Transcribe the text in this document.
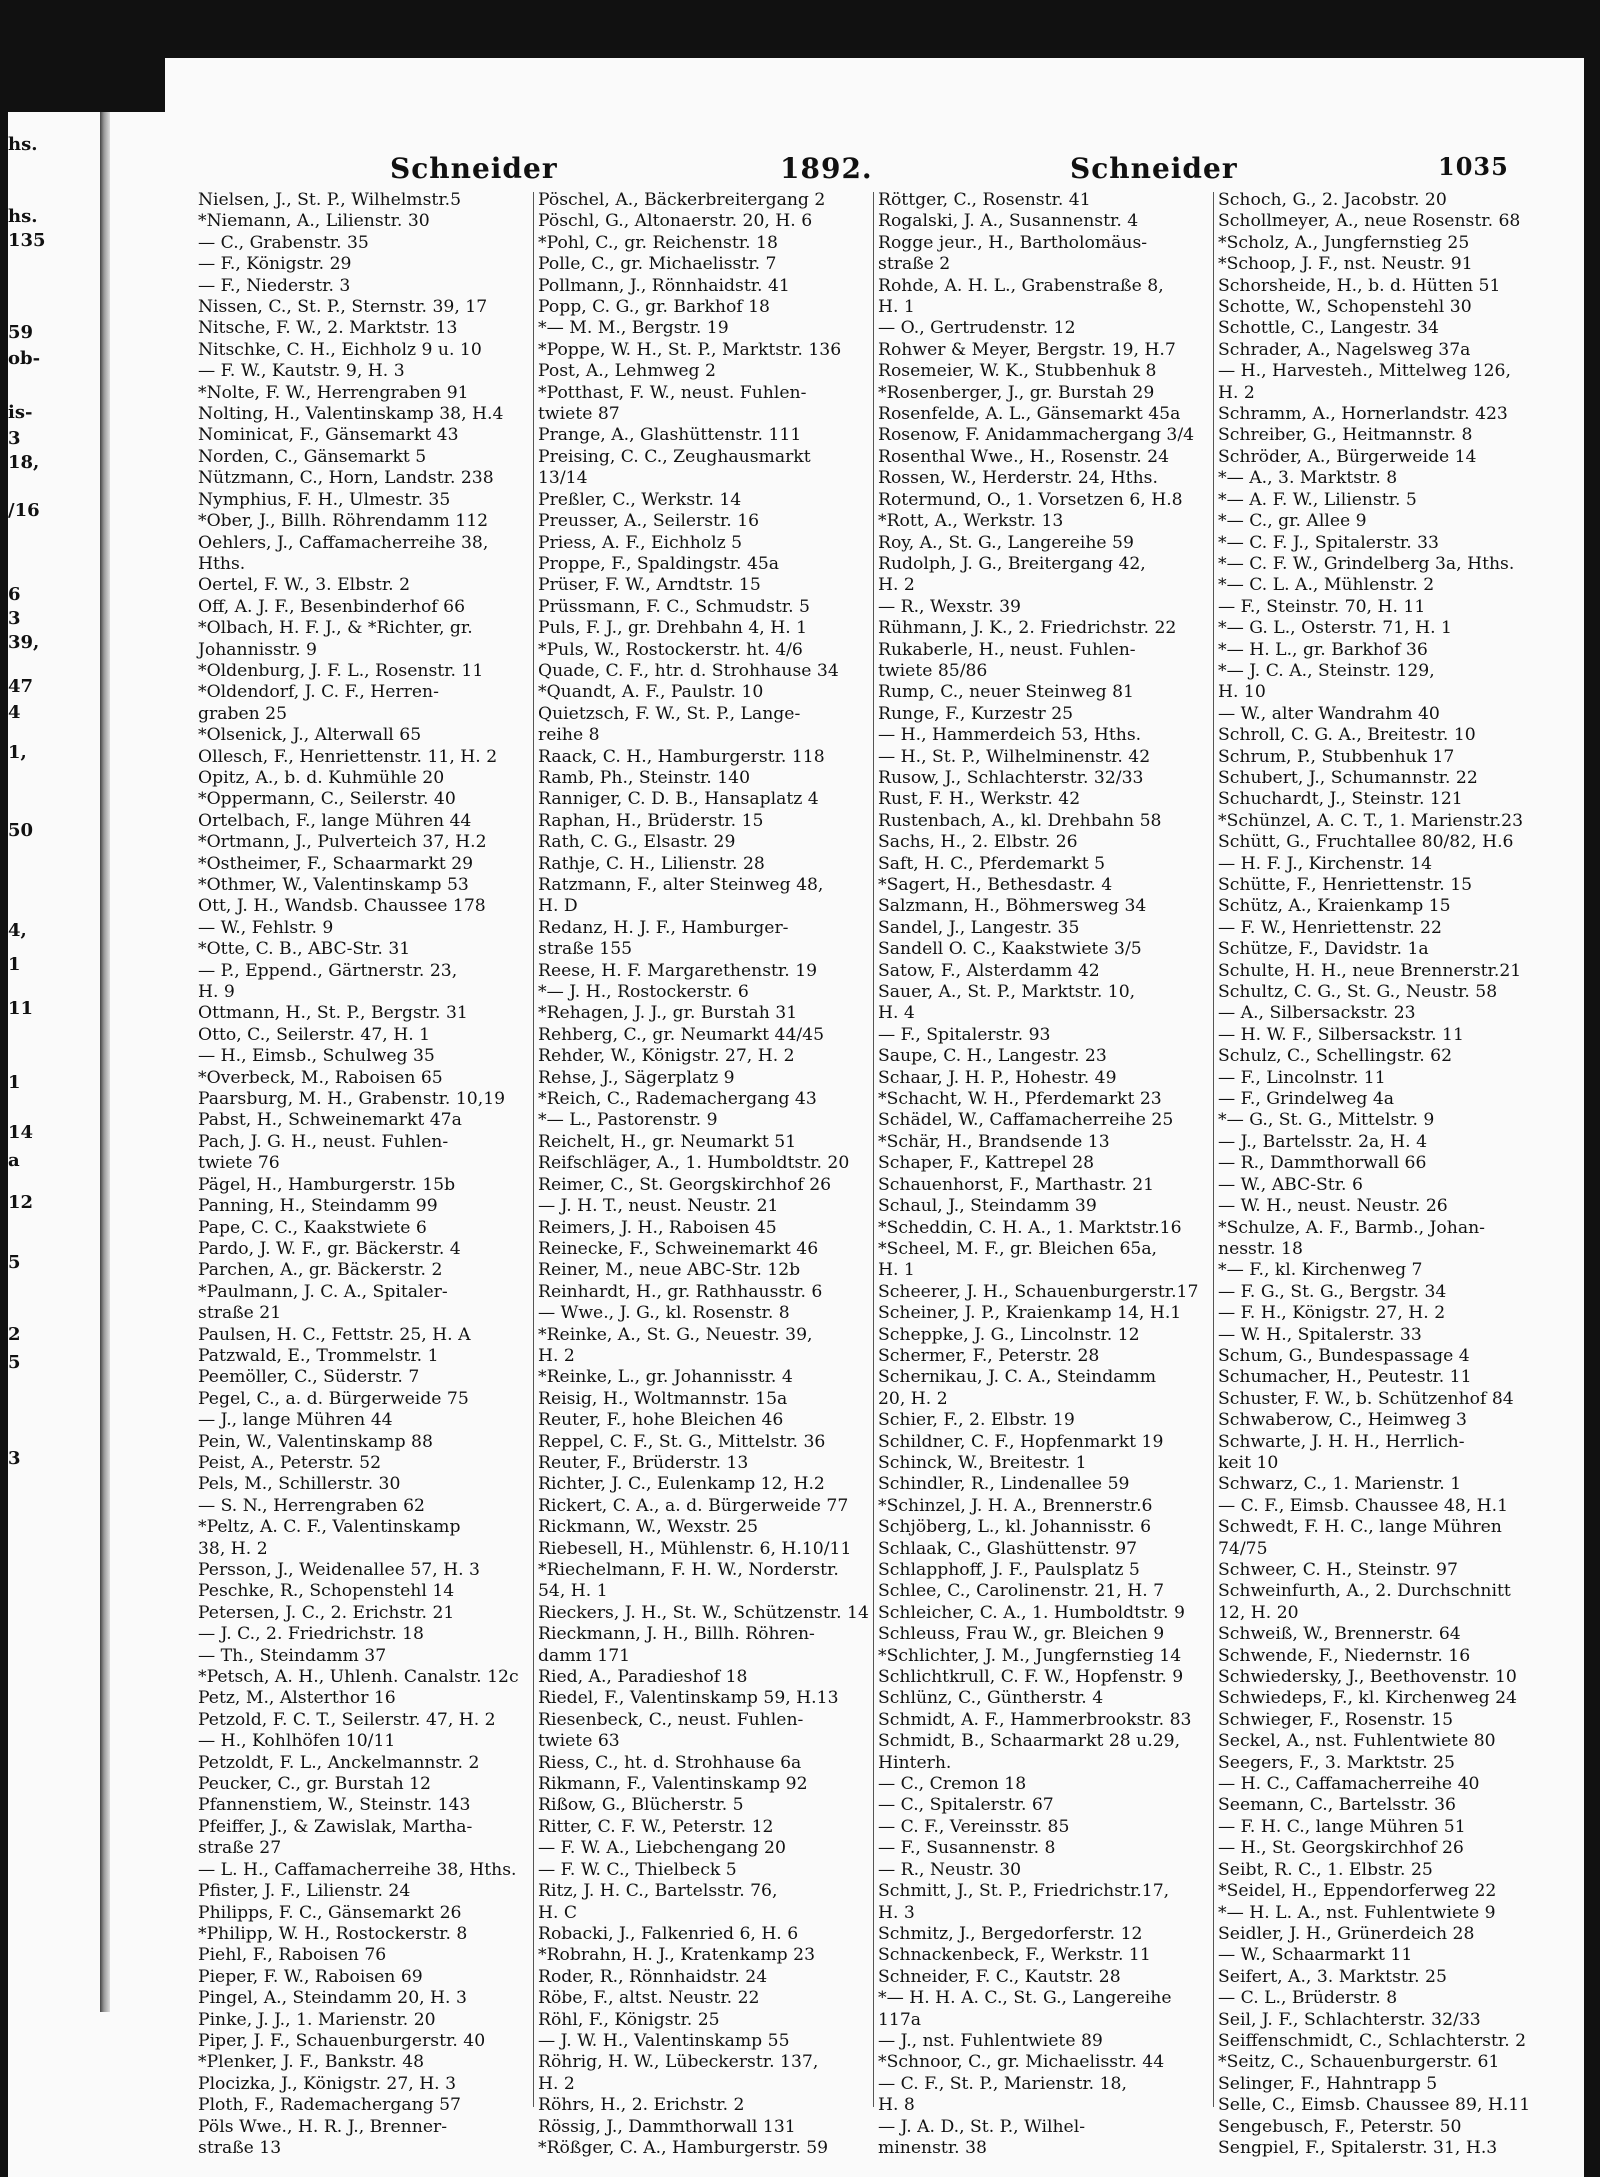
hs.
hs.
135
59
ob-
is-
3
18,
/16
6
3
39,
47
4
1,
50
4,
1
11
1
14
a
12
5
2
5
3
Schneider	1892.	Schneider	1035
Nielsen, J., St. P., Wilhelmstr.5
*Niemann, A., Lilienstr. 30
— C., Grabenstr. 35
— F., Königstr. 29
— F., Niederstr. 3
Nissen, C., St. P., Sternstr. 39, 17
Nitsche, F. W., 2. Marktstr. 13
Nitschke, C. H., Eichholz 9 u. 10
— F. W., Kautstr. 9, H. 3
*Nolte, F. W., Herrengraben 91
Nolting, H., Valentinskamp 38, H.4
Nominicat, F., Gänsemarkt 43
Norden, C., Gänsemarkt 5
Nützmann, C., Horn, Landstr. 238
Nymphius, F. H., Ulmestr. 35
*Ober, J., Billh. Röhrendamm 112
Oehlers, J., Caffamacherreihe 38,
Hths.
Oertel, F. W., 3. Elbstr. 2
Off, A. J. F., Besenbinderhof 66
*Olbach, H. F. J., & *Richter, gr.
Johannisstr. 9
*Oldenburg, J. F. L., Rosenstr. 11
*Oldendorf, J. C. F., Herren-
graben 25
*Olsenick, J., Alterwall 65
Ollesch, F., Henriettenstr. 11, H. 2
Opitz, A., b. d. Kuhmühle 20
*Oppermann, C., Seilerstr. 40
Ortelbach, F., lange Mühren 44
*Ortmann, J., Pulverteich 37, H.2
*Ostheimer, F., Schaarmarkt 29
*Othmer, W., Valentinskamp 53
Ott, J. H., Wandsb. Chaussee 178
— W., Fehlstr. 9
*Otte, C. B., ABC-Str. 31
— P., Eppend., Gärtnerstr. 23,
H. 9
Ottmann, H., St. P., Bergstr. 31
Otto, C., Seilerstr. 47, H. 1
— H., Eimsb., Schulweg 35
*Overbeck, M., Raboisen 65
Paarsburg, M. H., Grabenstr. 10,19
Pabst, H., Schweinemarkt 47a
Pach, J. G. H., neust. Fuhlen-
twiete 76
Pägel, H., Hamburgerstr. 15b
Panning, H., Steindamm 99
Pape, C. C., Kaakstwiete 6
Pardo, J. W. F., gr. Bäckerstr. 4
Parchen, A., gr. Bäckerstr. 2
*Paulmann, J. C. A., Spitaler-
straße 21
Paulsen, H. C., Fettstr. 25, H. A
Patzwald, E., Trommelstr. 1
Peemöller, C., Süderstr. 7
Pegel, C., a. d. Bürgerweide 75
— J., lange Mühren 44
Pein, W., Valentinskamp 88
Peist, A., Peterstr. 52
Pels, M., Schillerstr. 30
— S. N., Herrengraben 62
*Peltz, A. C. F., Valentinskamp
38, H. 2
Persson, J., Weidenallee 57, H. 3
Peschke, R., Schopenstehl 14
Petersen, J. C., 2. Erichstr. 21
— J. C., 2. Friedrichstr. 18
— Th., Steindamm 37
*Petsch, A. H., Uhlenh. Canalstr. 12c
Petz, M., Alsterthor 16
Petzold, F. C. T., Seilerstr. 47, H. 2
— H., Kohlhöfen 10/11
Petzoldt, F. L., Anckelmannstr. 2
Peucker, C., gr. Burstah 12
Pfannenstiem, W., Steinstr. 143
Pfeiffer, J., & Zawislak, Martha-
straße 27
— L. H., Caffamacherreihe 38, Hths.
Pfister, J. F., Lilienstr. 24
Philipps, F. C., Gänsemarkt 26
*Philipp, W. H., Rostockerstr. 8
Piehl, F., Raboisen 76
Pieper, F. W., Raboisen 69
Pingel, A., Steindamm 20, H. 3
Pinke, J. J., 1. Marienstr. 20
Piper, J. F., Schauenburgerstr. 40
*Plenker, J. F., Bankstr. 48
Plocizka, J., Königstr. 27, H. 3
Ploth, F., Rademachergang 57
Pöls Wwe., H. R. J., Brenner-
straße 13
Pöschel, A., Bäckerbreitergang 2
Pöschl, G., Altonaerstr. 20, H. 6
*Pohl, C., gr. Reichenstr. 18
Polle, C., gr. Michaelisstr. 7
Pollmann, J., Rönnhaidstr. 41
Popp, C. G., gr. Barkhof 18
*— M. M., Bergstr. 19
*Poppe, W. H., St. P., Marktstr. 136
Post, A., Lehmweg 2
*Potthast, F. W., neust. Fuhlen-
twiete 87
Prange, A., Glashüttenstr. 111
Preising, C. C., Zeughausmarkt
13/14
Preßler, C., Werkstr. 14
Preusser, A., Seilerstr. 16
Priess, A. F., Eichholz 5
Proppe, F., Spaldingstr. 45a
Prüser, F. W., Arndtstr. 15
Prüssmann, F. C., Schmudstr. 5
Puls, F. J., gr. Drehbahn 4, H. 1
*Puls, W., Rostockerstr. ht. 4/6
Quade, C. F., htr. d. Strohhause 34
*Quandt, A. F., Paulstr. 10
Quietzsch, F. W., St. P., Lange-
reihe 8
Raack, C. H., Hamburgerstr. 118
Ramb, Ph., Steinstr. 140
Ranniger, C. D. B., Hansaplatz 4
Raphan, H., Brüderstr. 15
Rath, C. G., Elsastr. 29
Rathje, C. H., Lilienstr. 28
Ratzmann, F., alter Steinweg 48,
H. D
Redanz, H. J. F., Hamburger-
straße 155
Reese, H. F. Margarethenstr. 19
*— J. H., Rostockerstr. 6
*Rehagen, J. J., gr. Burstah 31
Rehberg, C., gr. Neumarkt 44/45
Rehder, W., Königstr. 27, H. 2
Rehse, J., Sägerplatz 9
*Reich, C., Rademachergang 43
*— L., Pastorenstr. 9
Reichelt, H., gr. Neumarkt 51
Reifschläger, A., 1. Humboldtstr. 20
Reimer, C., St. Georgskirchhof 26
— J. H. T., neust. Neustr. 21
Reimers, J. H., Raboisen 45
Reinecke, F., Schweinemarkt 46
Reiner, M., neue ABC-Str. 12b
Reinhardt, H., gr. Rathhausstr. 6
— Wwe., J. G., kl. Rosenstr. 8
*Reinke, A., St. G., Neuestr. 39,
H. 2
*Reinke, L., gr. Johannisstr. 4
Reisig, H., Woltmannstr. 15a
Reuter, F., hohe Bleichen 46
Reppel, C. F., St. G., Mittelstr. 36
Reuter, F., Brüderstr. 13
Richter, J. C., Eulenkamp 12, H.2
Rickert, C. A., a. d. Bürgerweide 77
Rickmann, W., Wexstr. 25
Riebesell, H., Mühlenstr. 6, H.10/11
*Riechelmann, F. H. W., Norderstr.
54, H. 1
Rieckers, J. H., St. W., Schützenstr. 14
Rieckmann, J. H., Billh. Röhren-
damm 171
Ried, A., Paradieshof 18
Riedel, F., Valentinskamp 59, H.13
Riesenbeck, C., neust. Fuhlen-
twiete 63
Riess, C., ht. d. Strohhause 6a
Rikmann, F., Valentinskamp 92
Rißow, G., Blücherstr. 5
Ritter, C. F. W., Peterstr. 12
— F. W. A., Liebchengang 20
— F. W. C., Thielbeck 5
Ritz, J. H. C., Bartelsstr. 76,
H. C
Robacki, J., Falkenried 6, H. 6
*Robrahn, H. J., Kratenkamp 23
Roder, R., Rönnhaidstr. 24
Röbe, F., altst. Neustr. 22
Röhl, F., Königstr. 25
— J. W. H., Valentinskamp 55
Röhrig, H. W., Lübeckerstr. 137,
H. 2
Röhrs, H., 2. Erichstr. 2
Rössig, J., Dammthorwall 131
*Rößger, C. A., Hamburgerstr. 59
Röttger, C., Rosenstr. 41
Rogalski, J. A., Susannenstr. 4
Rogge jeur., H., Bartholomäus-
straße 2
Rohde, A. H. L., Grabenstraße 8,
H. 1
— O., Gertrudenstr. 12
Rohwer & Meyer, Bergstr. 19, H.7
Rosemeier, W. K., Stubbenhuk 8
*Rosenberger, J., gr. Burstah 29
Rosenfelde, A. L., Gänsemarkt 45a
Rosenow, F. Anidammachergang 3/4
Rosenthal Wwe., H., Rosenstr. 24
Rossen, W., Herderstr. 24, Hths.
Rotermund, O., 1. Vorsetzen 6, H.8
*Rott, A., Werkstr. 13
Roy, A., St. G., Langereihe 59
Rudolph, J. G., Breitergang 42,
H. 2
— R., Wexstr. 39
Rühmann, J. K., 2. Friedrichstr. 22
Rukaberle, H., neust. Fuhlen-
twiete 85/86
Rump, C., neuer Steinweg 81
Runge, F., Kurzestr 25
— H., Hammerdeich 53, Hths.
— H., St. P., Wilhelminenstr. 42
Rusow, J., Schlachterstr. 32/33
Rust, F. H., Werkstr. 42
Rustenbach, A., kl. Drehbahn 58
Sachs, H., 2. Elbstr. 26
Saft, H. C., Pferdemarkt 5
*Sagert, H., Bethesdastr. 4
Salzmann, H., Böhmersweg 34
Sandel, J., Langestr. 35
Sandell O. C., Kaakstwiete 3/5
Satow, F., Alsterdamm 42
Sauer, A., St. P., Marktstr. 10,
H. 4
— F., Spitalerstr. 93
Saupe, C. H., Langestr. 23
Schaar, J. H. P., Hohestr. 49
*Schacht, W. H., Pferdemarkt 23
Schädel, W., Caffamacherreihe 25
*Schär, H., Brandsende 13
Schaper, F., Kattrepel 28
Schauenhorst, F., Marthastr. 21
Schaul, J., Steindamm 39
*Scheddin, C. H. A., 1. Marktstr.16
*Scheel, M. F., gr. Bleichen 65a,
H. 1
Scheerer, J. H., Schauenburgerstr.17
Scheiner, J. P., Kraienkamp 14, H.1
Scheppke, J. G., Lincolnstr. 12
Schermer, F., Peterstr. 28
Schernikau, J. C. A., Steindamm
20, H. 2
Schier, F., 2. Elbstr. 19
Schildner, C. F., Hopfenmarkt 19
Schinck, W., Breitestr. 1
Schindler, R., Lindenallee 59
*Schinzel, J. H. A., Brennerstr.6
Schjöberg, L., kl. Johannisstr. 6
Schlaak, C., Glashüttenstr. 97
Schlapphoff, J. F., Paulsplatz 5
Schlee, C., Carolinenstr. 21, H. 7
Schleicher, C. A., 1. Humboldtstr. 9
Schleuss, Frau W., gr. Bleichen 9
*Schlichter, J. M., Jungfernstieg 14
Schlichtkrull, C. F. W., Hopfenstr. 9
Schlünz, C., Güntherstr. 4
Schmidt, A. F., Hammerbrookstr. 83
Schmidt, B., Schaarmarkt 28 u.29,
Hinterh.
— C., Cremon 18
— C., Spitalerstr. 67
— C. F., Vereinsstr. 85
— F., Susannenstr. 8
— R., Neustr. 30
Schmitt, J., St. P., Friedrichstr.17,
H. 3
Schmitz, J., Bergedorferstr. 12
Schnackenbeck, F., Werkstr. 11
Schneider, F. C., Kautstr. 28
*— H. H. A. C., St. G., Langereihe
117a
— J., nst. Fuhlentwiete 89
*Schnoor, C., gr. Michaelisstr. 44
— C. F., St. P., Marienstr. 18,
H. 8
— J. A. D., St. P., Wilhel-
minenstr. 38
Schoch, G., 2. Jacobstr. 20
Schollmeyer, A., neue Rosenstr. 68
*Scholz, A., Jungfernstieg 25
*Schoop, J. F., nst. Neustr. 91
Schorsheide, H., b. d. Hütten 51
Schotte, W., Schopenstehl 30
Schottle, C., Langestr. 34
Schrader, A., Nagelsweg 37a
— H., Harvesteh., Mittelweg 126,
H. 2
Schramm, A., Hornerlandstr. 423
Schreiber, G., Heitmannstr. 8
Schröder, A., Bürgerweide 14
*— A., 3. Marktstr. 8
*— A. F. W., Lilienstr. 5
*— C., gr. Allee 9
*— C. F. J., Spitalerstr. 33
*— C. F. W., Grindelberg 3a, Hths.
*— C. L. A., Mühlenstr. 2
— F., Steinstr. 70, H. 11
*— G. L., Osterstr. 71, H. 1
*— H. L., gr. Barkhof 36
*— J. C. A., Steinstr. 129,
H. 10
— W., alter Wandrahm 40
Schroll, C. G. A., Breitestr. 10
Schrum, P., Stubbenhuk 17
Schubert, J., Schumannstr. 22
Schuchardt, J., Steinstr. 121
*Schünzel, A. C. T., 1. Marienstr.23
Schütt, G., Fruchtallee 80/82, H.6
— H. F. J., Kirchenstr. 14
Schütte, F., Henriettenstr. 15
Schütz, A., Kraienkamp 15
— F. W., Henriettenstr. 22
Schütze, F., Davidstr. 1a
Schulte, H. H., neue Brennerstr.21
Schultz, C. G., St. G., Neustr. 58
— A., Silbersackstr. 23
— H. W. F., Silbersackstr. 11
Schulz, C., Schellingstr. 62
— F., Lincolnstr. 11
— F., Grindelweg 4a
*— G., St. G., Mittelstr. 9
— J., Bartelsstr. 2a, H. 4
— R., Dammthorwall 66
— W., ABC-Str. 6
— W. H., neust. Neustr. 26
*Schulze, A. F., Barmb., Johan-
nesstr. 18
*— F., kl. Kirchenweg 7
— F. G., St. G., Bergstr. 34
— F. H., Königstr. 27, H. 2
— W. H., Spitalerstr. 33
Schum, G., Bundespassage 4
Schumacher, H., Peutestr. 11
Schuster, F. W., b. Schützenhof 84
Schwaberow, C., Heimweg 3
Schwarte, J. H. H., Herrlich-
keit 10
Schwarz, C., 1. Marienstr. 1
— C. F., Eimsb. Chaussee 48, H.1
Schwedt, F. H. C., lange Mühren
74/75
Schweer, C. H., Steinstr. 97
Schweinfurth, A., 2. Durchschnitt
12, H. 20
Schweiß, W., Brennerstr. 64
Schwende, F., Niedernstr. 16
Schwiedersky, J., Beethovenstr. 10
Schwiedeps, F., kl. Kirchenweg 24
Schwieger, F., Rosenstr. 15
Seckel, A., nst. Fuhlentwiete 80
Seegers, F., 3. Marktstr. 25
— H. C., Caffamacherreihe 40
Seemann, C., Bartelsstr. 36
— F. H. C., lange Mühren 51
— H., St. Georgskirchhof 26
Seibt, R. C., 1. Elbstr. 25
*Seidel, H., Eppendorferweg 22
*— H. L. A., nst. Fuhlentwiete 9
Seidler, J. H., Grünerdeich 28
— W., Schaarmarkt 11
Seifert, A., 3. Marktstr. 25
— C. L., Brüderstr. 8
Seil, J. F., Schlachterstr. 32/33
Seiffenschmidt, C., Schlachterstr. 2
*Seitz, C., Schauenburgerstr. 61
Selinger, F., Hahntrapp 5
Selle, C., Eimsb. Chaussee 89, H.11
Sengebusch, F., Peterstr. 50
Sengpiel, F., Spitalerstr. 31, H.3
